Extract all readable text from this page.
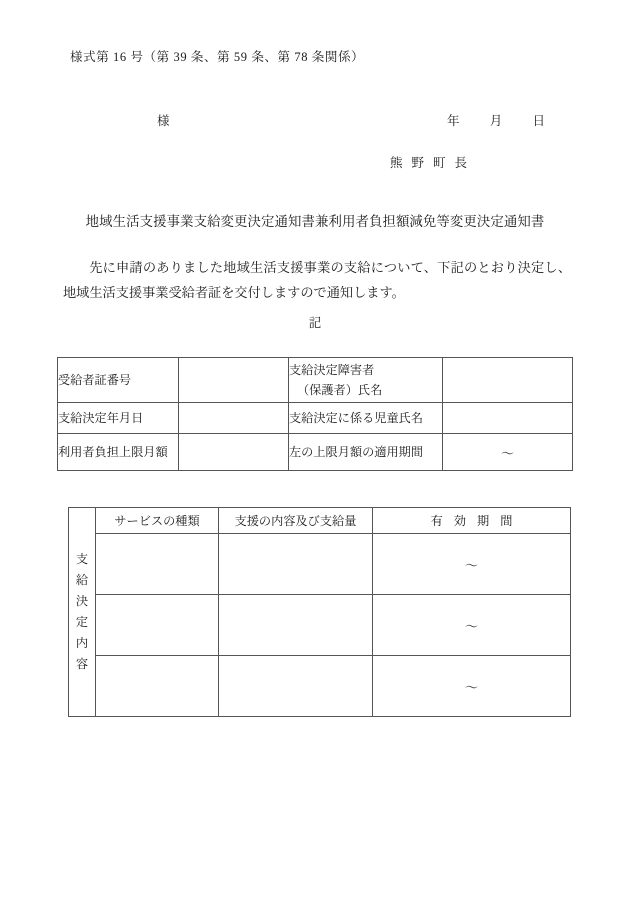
様式第 16 号（第 39 条、第 59 条、第 78 条関係）
様	年 月 日
熊 野 町 長
地域生活支援事業支給変更決定通知書兼利用者負担額減免等変更決定通知書
先に申請のありました地域生活支援事業の支給について、下記のとおり決定し、地域生活支援事業受給者証を交付しますので通知します。
記
受給者証番号		支給決定障害者
（保護者）氏名	

支給決定年月日		支給決定に係る児童氏名	
利用者負担上限月額		左の上限月額の適用期間	〜
支
給
決
定
内
容
	サービスの種類	支援の内容及び支給量	有 効 期 間
			〜
			〜
			〜
